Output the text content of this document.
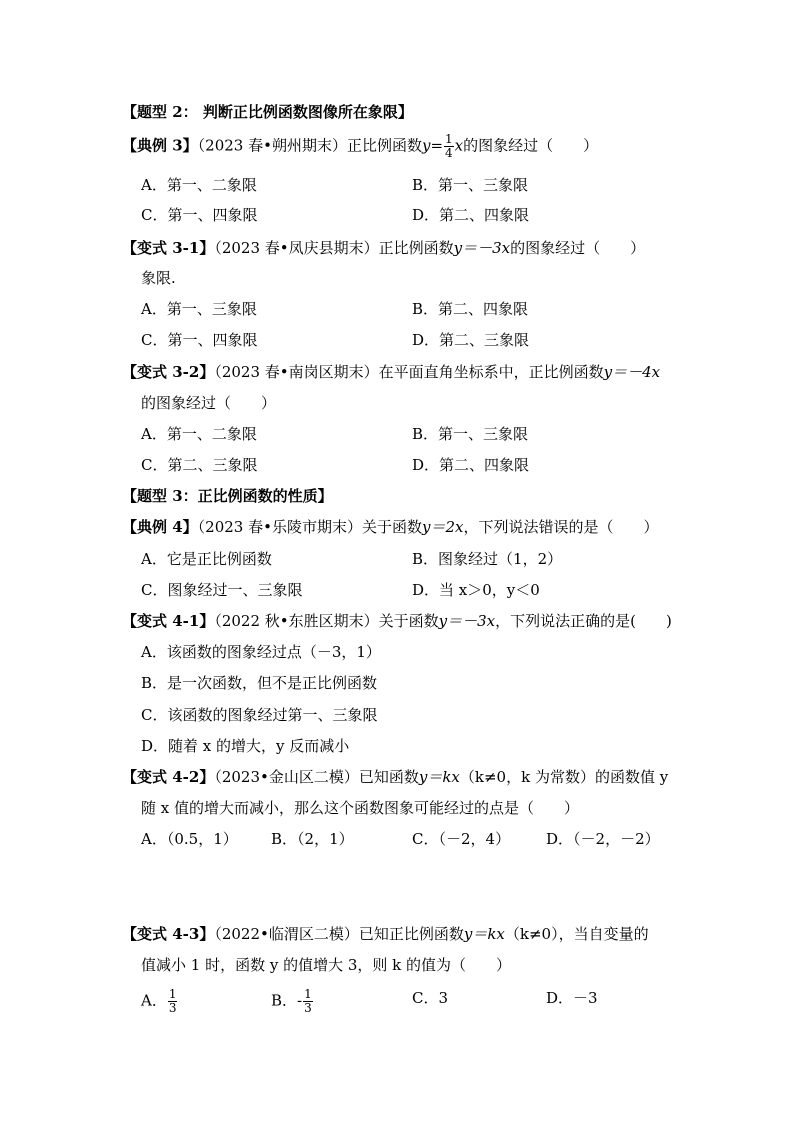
【题型 2： 判断正比例函数图像所在象限】
【典例 3】（2023 春•朔州期末）正比例函数$y= \frac{1}{4}$ x的图象经过（　　）
A．第一、二象限	B．第一、三象限
C．第一、四象限	D．第二、四象限
【变式 3-1】（2023 春•凤庆县期末）正比例函数y＝－3x的图象经过（　　）
象限.
A．第一、三象限	B．第二、四象限
C．第一、四象限	D．第二、三象限
【变式 3-2】（2023 春•南岗区期末）在平面直角坐标系中，正比例函数y＝－4x
的图象经过（　　）
A．第一、二象限	B．第一、三象限
C．第二、三象限	D．第二、四象限
【题型 3：正比例函数的性质】
【典例 4】（2023 春•乐陵市期末）关于函数y＝2x，下列说法错误的是（　　）
A．它是正比例函数	B．图象经过（1，2）
C．图象经过一、三象限	D．当 x＞0，y＜0
【变式 4-1】（2022 秋•东胜区期末）关于函数y＝－3x，下列说法正确的是(　　)
A．该函数的图象经过点（－3，1）
B．是一次函数，但不是正比例函数
C．该函数的图象经过第一、三象限
D．随着 x 的增大，y 反而减小
【变式 4-2】（2023•金山区二模）已知函数y＝kx（k≠0，k 为常数）的函数值 y
随 x 值的增大而减小，那么这个函数图象可能经过的点是（　　）
A．（0.5，1） B．（2，1）	C．（－2，4） D．（－2，－2）
【变式 4-3】（2022•临渭区二模）已知正比例函数y＝kx（k≠0），当自变量的
值减小 1 时，函数 y 的值增大 3，则 k 的值为（　　）
A． $\frac{1}{3}$	B．- $\frac{1}{3}$	C．3	D．－3
